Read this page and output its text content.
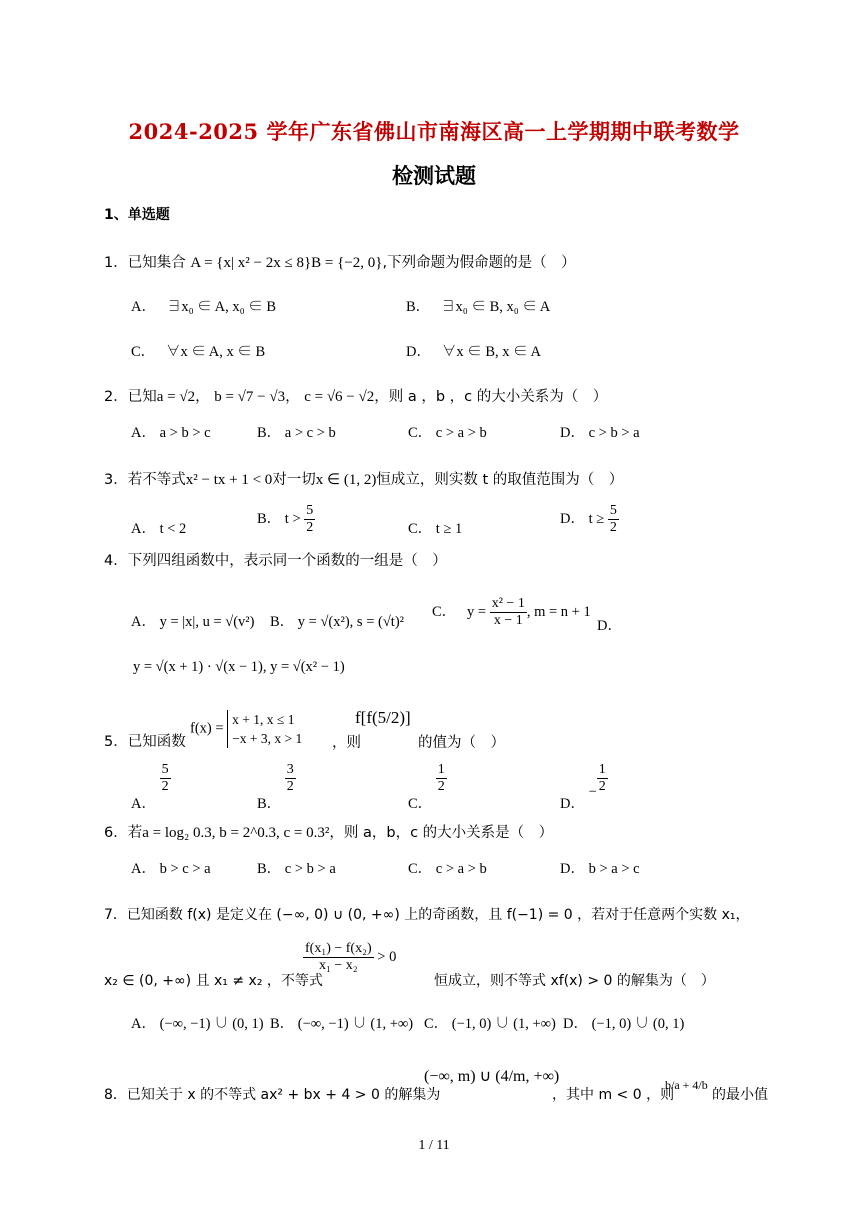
2024-2025 学年广东省佛山市南海区高一上学期期中联考数学
检测试题
1、单选题
1．已知集合 A = {x| x² − 2x ≤ 8}B = {−2, 0},下列命题为假命题的是（　）
A． ∃x₀ ∈ A, x₀ ∈ B	B． ∃x₀ ∈ B, x₀ ∈ A
C． ∀x ∈ A, x ∈ B	D． ∀x ∈ B, x ∈ A
2．已知a = √2， b = √7 − √3， c = √6 − √2，则 a ，b ，c 的大小关系为（　）
A． a > b > c	B． a > c > b	C． c > a > b	D． c > b > a
3．若不等式x² − tx + 1 < 0对一切x ∈ (1, 2)恒成立，则实数 t 的取值范围为（　）
A． t < 2
B． $t > \frac{5}{2}$	C． t ≥ 1
D． $t \ge \frac{5}{2}$
4．下列四组函数中，表示同一个函数的一组是（　）
A． y = |x|, u = √(v²) B． y = √(x²), s = (√t)²
C． $y = \frac{\text{x² − 1}}{x - 1}$ , m = n + 1
D．
y = √(x + 1) · √(x − 1), y = √(x² − 1)
5．已知函数
f(x) =
x + 1, x ≤ 1
−x + 3, x > 1 ，则
f[f(5/2)]
的值为（　）
A．
$\frac{5}{2}$
B．
$\frac{3}{2}$
C．
$\frac{1}{2}$
D． − $\frac{1}{2}$
6．若a = log₂ 0.3, b = 2^0.3, c = 0.3²，则 a，b，c 的大小关系是（　）
A． b > c > a	B． c > b > a	C． c > a > b	D． b > a > c
7．已知函数 f(x) 是定义在 (−∞, 0) ∪ (0, +∞) 上的奇函数，且 f(−1) = 0 ，若对于任意两个实数 x₁，
x₂ ∈ (0, +∞) 且 x₁ ≠ x₂ ，不等式
$\frac{\text{f(x₁) − f(x₂)}}{\text{x₁ − x₂}} > 0$
恒成立，则不等式 xf(x) > 0 的解集为（　）
A． (−∞, −1) ∪ (0, 1) B． (−∞, −1) ∪ (1, +∞) C． (−1, 0) ∪ (1, +∞) D． (−1, 0) ∪ (0, 1)
8．已知关于 x 的不等式 ax² + bx + 4 > 0 的解集为
(−∞, m) ∪ (4/m, +∞)
，其中 m < 0 ，则
b/a + 4/b
的最小值
1 / 11
